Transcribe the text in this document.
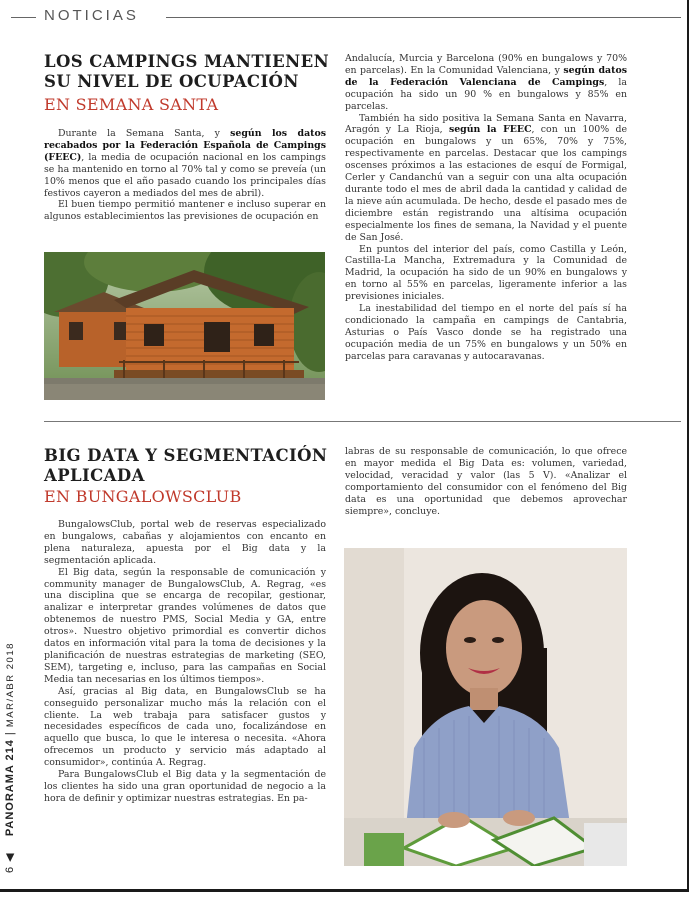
NOTICIAS
LOS CAMPINGS MANTIENEN
SU NIVEL DE OCUPACIÓN
EN SEMANA SANTA

Durante la Semana Santa, y según los datos recabados por la Federación Española de Campings (FEEC), la media de ocupación nacional en los campings se ha mantenido en torno al 70% tal y como se preveía (un 10% menos que el año pasado cuando los principales días festivos cayeron a mediados del mes de abril).

El buen tiempo permitió mantener e incluso superar en algunos establecimientos las previsiones de ocupación en

Andalucía, Murcia y Barcelona (90% en bungalows y 70% en parcelas). En la Comunidad Valenciana, y según datos de la Federación Valenciana de Campings, la ocupación ha sido un 90 % en bungalows y 85% en parcelas.

También ha sido positiva la Semana Santa en Navarra, Aragón y La Rioja, según la FEEC, con un 100% de ocupación en bungalows y un 65%, 70% y 75%, respectivamente en parcelas. Destacar que los campings oscenses próximos a las estaciones de esquí de Formigal, Cerler y Candanchú van a seguir con una alta ocupación durante todo el mes de abril dada la cantidad y calidad de la nieve aún acumulada. De hecho, desde el pasado mes de diciembre están registrando una altísima ocupación especialmente los fines de semana, la Navidad y el puente de San José.

En puntos del interior del país, como Castilla y León, Castilla-La Mancha, Extremadura y la Comunidad de Madrid, la ocupación ha sido de un 90% en bungalows y en torno al 55% en parcelas, ligeramente inferior a las previsiones iniciales.

La inestabilidad del tiempo en el norte del país sí ha condicionado la campaña en campings de Cantabria, Asturias o País Vasco donde se ha registrado una ocupación media de un 75% en bungalows y un 50% en parcelas para caravanas y autocaravanas.

BIG DATA Y SEGMENTACIÓN
APLICADA
EN BUNGALOWSCLUB

BungalowsClub, portal web de reservas especializado en bungalows, cabañas y alojamientos con encanto en plena naturaleza, apuesta por el Big data y la segmentación aplicada.

El Big data, según la responsable de comunicación y community manager de BungalowsClub, A. Regrag, «es una disciplina que se encarga de recopilar, gestionar, analizar e interpretar grandes volúmenes de datos que obtenemos de nuestro PMS, Social Media y GA, entre otros». Nuestro objetivo primordial es convertir dichos datos en información vital para la toma de decisiones y la planificación de nuestras estrategias de marketing (SEO, SEM), targeting e, incluso, para las campañas en Social Media tan necesarias en los últimos tiempos».

Así, gracias al Big data, en BungalowsClub se ha conseguido personalizar mucho más la relación con el cliente. La web trabaja para satisfacer gustos y necesidades específicos de cada uno, focalizándose en aquello que busca, lo que le interesa o necesita. «Ahora ofrecemos un producto y servicio más adaptado al consumidor», continúa A. Regrag.

Para BungalowsClub el Big data y la segmentación de los clientes ha sido una gran oportunidad de negocio a la hora de definir y optimizar nuestras estrategias. En pa-

labras de su responsable de comunicación, lo que ofrece en mayor medida el Big Data es: volumen, variedad, velocidad, veracidad y valor (las 5 V). «Analizar el comportamiento del consumidor con el fenómeno del Big data es una oportunidad que debemos aprovechar siempre», concluye.

6 ◀    PANORAMA 214 | MAR/ABR 2018
